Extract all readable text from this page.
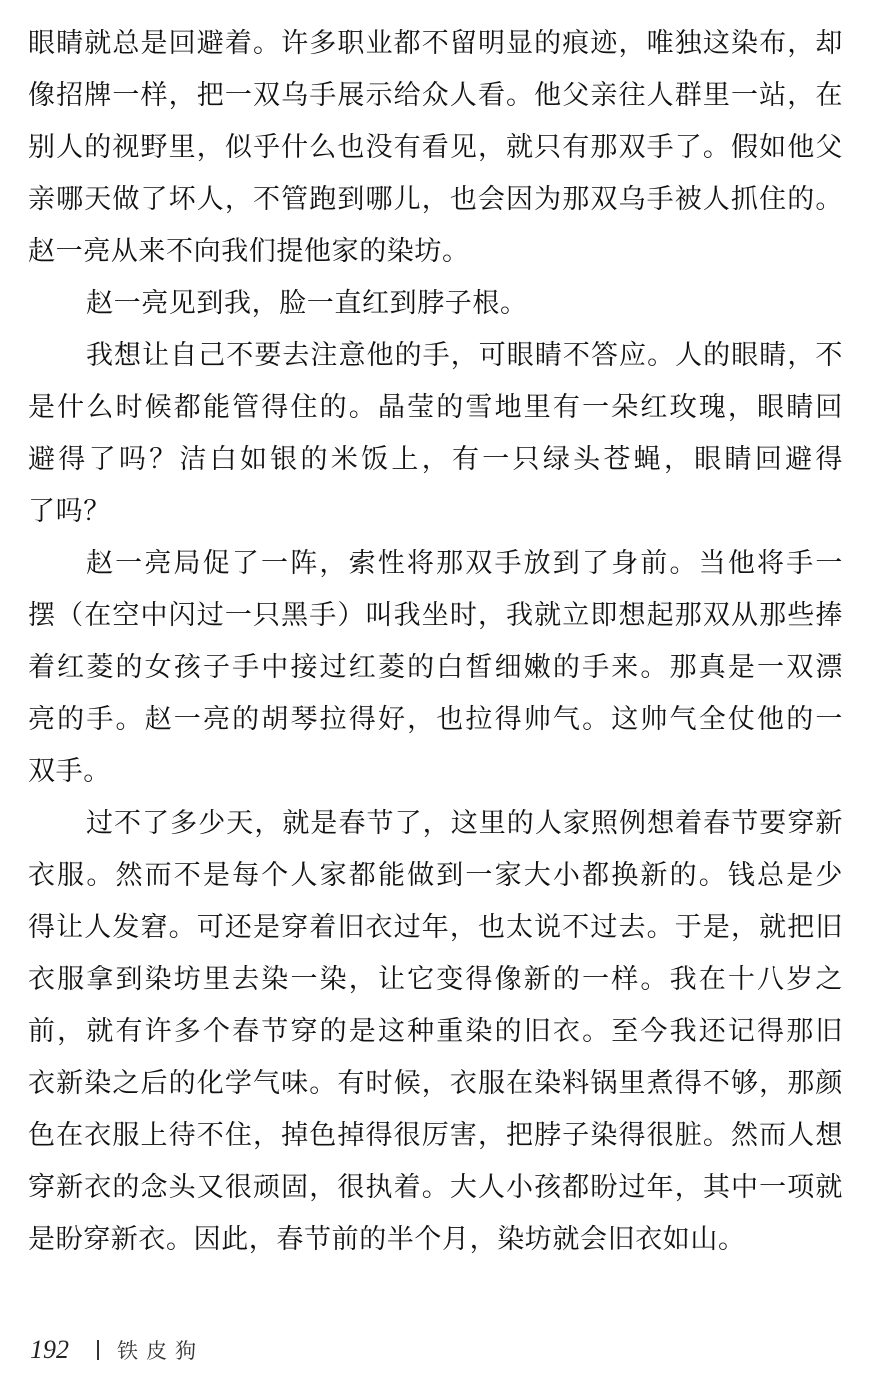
眼睛就总是回避着。许多职业都不留明显的痕迹，唯独这染布，却
像招牌一样，把一双乌手展示给众人看。他父亲往人群里一站，在
别人的视野里，似乎什么也没有看见，就只有那双手了。假如他父
亲哪天做了坏人，不管跑到哪儿，也会因为那双乌手被人抓住的。
赵一亮从来不向我们提他家的染坊。
赵一亮见到我，脸一直红到脖子根。
我想让自己不要去注意他的手，可眼睛不答应。人的眼睛，不
是什么时候都能管得住的。晶莹的雪地里有一朵红玫瑰，眼睛回
避得了吗？洁白如银的米饭上，有一只绿头苍蝇，眼睛回避得
了吗？
赵一亮局促了一阵，索性将那双手放到了身前。当他将手一
摆（在空中闪过一只黑手）叫我坐时，我就立即想起那双从那些捧
着红菱的女孩子手中接过红菱的白皙细嫩的手来。那真是一双漂
亮的手。赵一亮的胡琴拉得好，也拉得帅气。这帅气全仗他的一
双手。
过不了多少天，就是春节了，这里的人家照例想着春节要穿新
衣服。然而不是每个人家都能做到一家大小都换新的。钱总是少
得让人发窘。可还是穿着旧衣过年，也太说不过去。于是，就把旧
衣服拿到染坊里去染一染，让它变得像新的一样。我在十八岁之
前，就有许多个春节穿的是这种重染的旧衣。至今我还记得那旧
衣新染之后的化学气味。有时候，衣服在染料锅里煮得不够，那颜
色在衣服上待不住，掉色掉得很厉害，把脖子染得很脏。然而人想
穿新衣的念头又很顽固，很执着。大人小孩都盼过年，其中一项就
是盼穿新衣。因此，春节前的半个月，染坊就会旧衣如山。
192 铁皮狗
